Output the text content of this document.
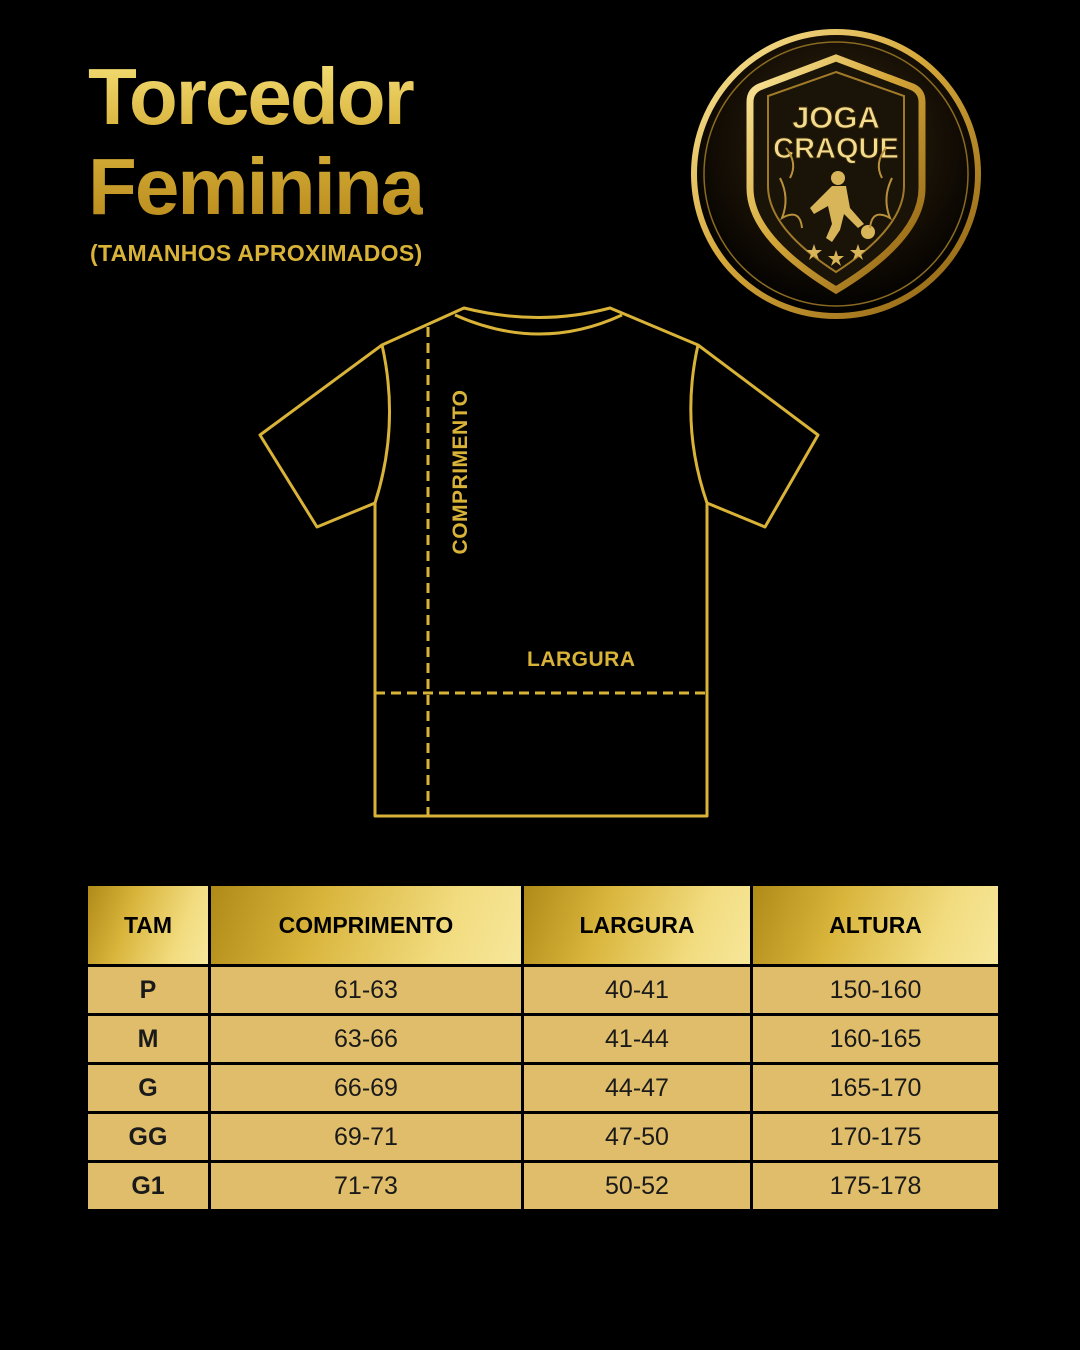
Torcedor
Feminina
(TAMANHOS APROXIMADOS)
JOGA
CRAQUE
COMPRIMENTO
LARGURA
TAM	COMPRIMENTO	LARGURA	ALTURA
P	61-63	40-41	150-160
M	63-66	41-44	160-165
G	66-69	44-47	165-170
GG	69-71	47-50	170-175
G1	71-73	50-52	175-178
